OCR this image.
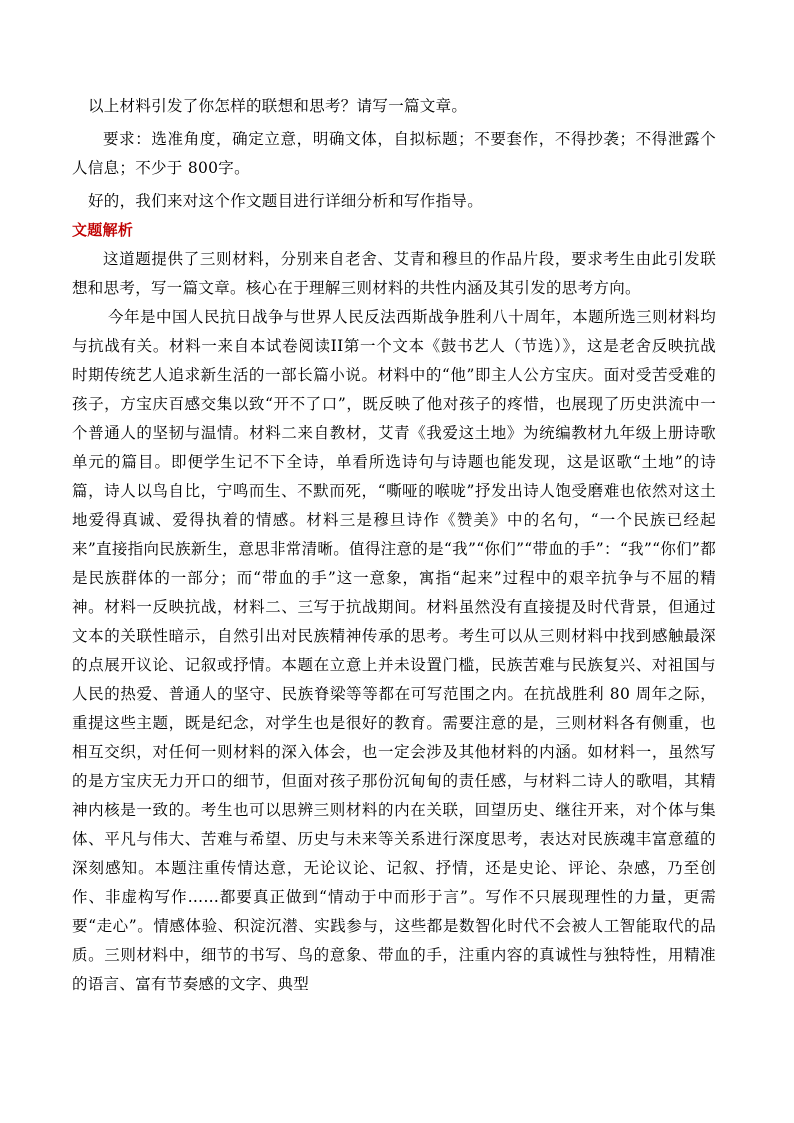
以上材料引发了你怎样的联想和思考？请写一篇文章。

要求：选准角度，确定立意，明确文体，自拟标题；不要套作，不得抄袭；不得泄露个人信息；不少于 800字。

好的，我们来对这个作文题目进行详细分析和写作指导。

文题解析

这道题提供了三则材料，分别来自老舍、艾青和穆旦的作品片段，要求考生由此引发联想和思考，写一篇文章。核心在于理解三则材料的共性内涵及其引发的思考方向。

今年是中国人民抗日战争与世界人民反法西斯战争胜利八十周年，本题所选三则材料均与抗战有关。材料一来自本试卷阅读II第一个文本《鼓书艺人（节选）》，这是老舍反映抗战时期传统艺人追求新生活的一部长篇小说。材料中的“他”即主人公方宝庆。面对受苦受难的孩子，方宝庆百感交集以致“开不了口”，既反映了他对孩子的疼惜，也展现了历史洪流中一个普通人的坚韧与温情。材料二来自教材，艾青《我爱这土地》为统编教材九年级上册诗歌单元的篇目。即便学生记不下全诗，单看所选诗句与诗题也能发现，这是讴歌“土地”的诗篇，诗人以鸟自比，宁鸣而生、不默而死，“嘶哑的喉咙”抒发出诗人饱受磨难也依然对这土地爱得真诚、爱得执着的情感。材料三是穆旦诗作《赞美》中的名句，“一个民族已经起来”直接指向民族新生，意思非常清晰。值得注意的是“我”“你们”“带血的手”：“我”“你们”都是民族群体的一部分；而“带血的手”这一意象，寓指“起来”过程中的艰辛抗争与不屈的精神。材料一反映抗战，材料二、三写于抗战期间。材料虽然没有直接提及时代背景，但通过文本的关联性暗示，自然引出对民族精神传承的思考。考生可以从三则材料中找到感触最深的点展开议论、记叙或抒情。本题在立意上并未设置门槛，民族苦难与民族复兴、对祖国与人民的热爱、普通人的坚守、民族脊梁等等都在可写范围之内。在抗战胜利 80 周年之际，重提这些主题，既是纪念，对学生也是很好的教育。需要注意的是，三则材料各有侧重，也相互交织，对任何一则材料的深入体会，也一定会涉及其他材料的内涵。如材料一，虽然写的是方宝庆无力开口的细节，但面对孩子那份沉甸甸的责任感，与材料二诗人的歌唱，其精神内核是一致的。考生也可以思辨三则材料的内在关联，回望历史、继往开来，对个体与集体、平凡与伟大、苦难与希望、历史与未来等关系进行深度思考，表达对民族魂丰富意蕴的深刻感知。本题注重传情达意，无论议论、记叙、抒情，还是史论、评论、杂感，乃至创作、非虚构写作……都要真正做到“情动于中而形于言”。写作不只展现理性的力量，更需要“走心”。情感体验、积淀沉潜、实践参与，这些都是数智化时代不会被人工智能取代的品质。三则材料中，细节的书写、鸟的意象、带血的手，注重内容的真诚性与独特性，用精准的语言、富有节奏感的文字、典型
